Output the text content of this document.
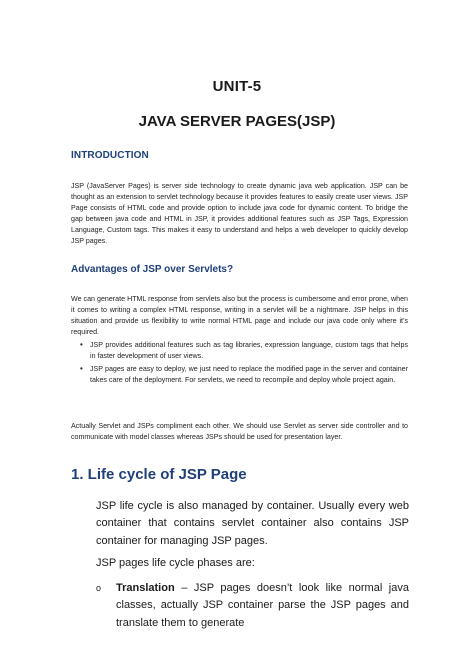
UNIT-5
JAVA SERVER PAGES(JSP)
INTRODUCTION
JSP (JavaServer Pages) is server side technology to create dynamic java web application. JSP can be thought as an extension to servlet technology because it provides features to easily create user views. JSP Page consists of HTML code and provide option to include java code for dynamic content. To bridge the gap between java code and HTML in JSP, it provides additional features such as JSP Tags, Expression Language, Custom tags. This makes it easy to understand and helps a web developer to quickly develop JSP pages.
Advantages of JSP over Servlets?
We can generate HTML response from servlets also but the process is cumbersome and error prone, when it comes to writing a complex HTML response, writing in a servlet will be a nightmare. JSP helps in this situation and provide us flexibility to write normal HTML page and include our java code only where it’s required.
• JSP provides additional features such as tag libraries, expression language, custom tags that helps in faster development of user views.
• JSP pages are easy to deploy, we just need to replace the modified page in the server and container takes care of the deployment. For servlets, we need to recompile and deploy whole project again.
Actually Servlet and JSPs compliment each other. We should use Servlet as server side controller and to communicate with model classes whereas JSPs should be used for presentation layer.
1. Life cycle of JSP Page
JSP life cycle is also managed by container. Usually every web container that contains servlet container also contains JSP container for managing JSP pages.
JSP pages life cycle phases are:
o Translation – JSP pages doesn’t look like normal java classes, actually JSP container parse the JSP pages and translate them to generate
